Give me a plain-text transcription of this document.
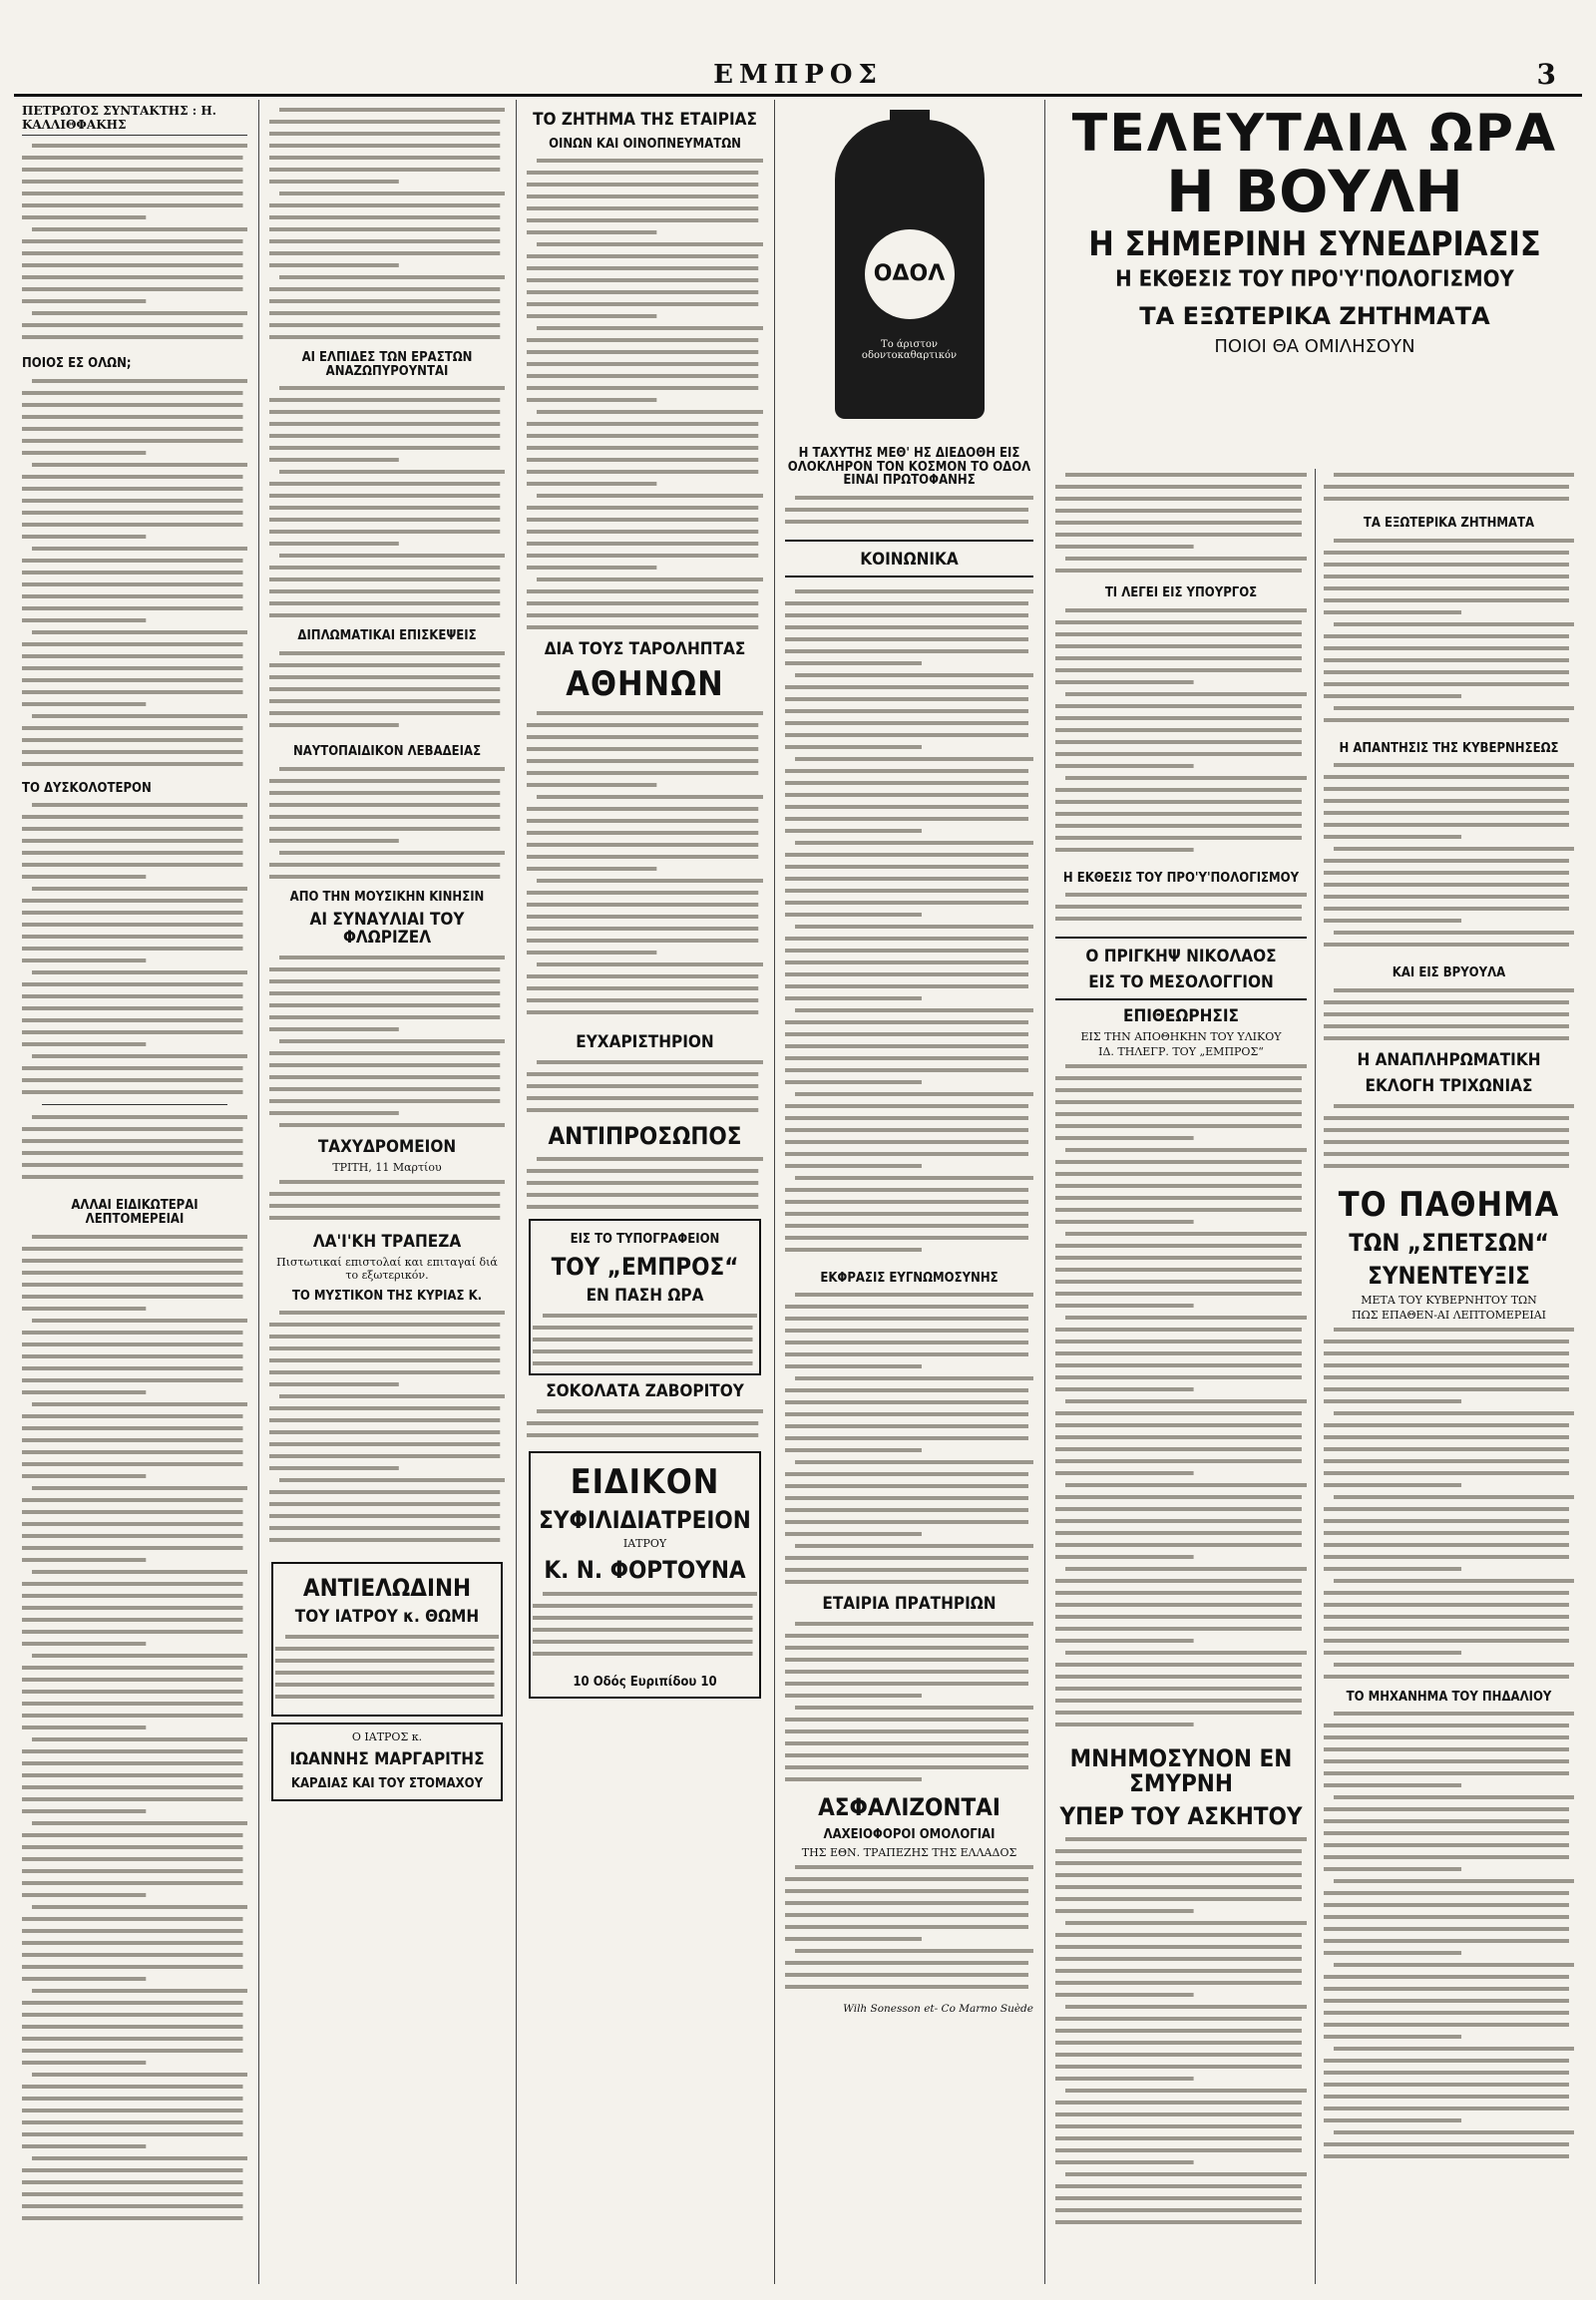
ΕΜΠΡΟΣ	3
ΠΕΤΡΩΤΟΣ ΣΥΝΤΑΚΤΗΣ : Η. ΚΑΛΛΙΘΦΑΚΗΣ
ΠΟΙΟΣ ΕΣ ΟΛΩΝ;
ΤΟ ΔΥΣΚΟΛΟΤΕΡΟΝ
ΑΛΛΑΙ ΕΙΔΙΚΩΤΕΡΑΙ ΛΕΠΤΟΜΕΡΕΙΑΙ
ΑΙ ΕΛΠΙΔΕΣ ΤΩΝ ΕΡΑΣΤΩΝ ΑΝΑΖΩΠΥΡΟΥΝΤΑΙ
ΔΙΠΛΩΜΑΤΙΚΑΙ ΕΠΙΣΚΕΨΕΙΣ
ΝΑΥΤΟΠΑΙΔΙΚΟΝ ΛΕΒΑΔΕΙΑΣ
ΑΠΟ ΤΗΝ ΜΟΥΣΙΚΗΝ ΚΙΝΗΣΙΝ
ΑΙ ΣΥΝΑΥΛΙΑΙ ΤΟΥ ΦΛΩΡΙΖΕΛ
ΤΑΧΥΔΡΟΜΕΙΟΝ
ΤΡΙΤΗ, 11 Μαρτίου
ΛΑ'Ι'ΚΗ ΤΡΑΠΕΖΑ
Πιστωτικαί επιστολαί και επιταγαί διά το εξωτερικόν.
ΤΟ ΜΥΣΤΙΚΟΝ ΤΗΣ ΚΥΡΙΑΣ Κ.
ΑΝΤΙΕΛΩΔΙΝΗ
ΤΟΥ ΙΑΤΡΟΥ κ. ΘΩΜΗ
Ο ΙΑΤΡΟΣ κ.
ΙΩΑΝΝΗΣ ΜΑΡΓΑΡΙΤΗΣ
ΚΑΡΔΙΑΣ ΚΑΙ ΤΟΥ ΣΤΟΜΑΧΟΥ
ΤΟ ΖΗΤΗΜΑ ΤΗΣ ΕΤΑΙΡΙΑΣ
ΟΙΝΩΝ ΚΑΙ ΟΙΝΟΠΝΕΥΜΑΤΩΝ
ΔΙΑ ΤΟΥΣ ΤΑΡΟΛΗΠΤΑΣ
ΑΘΗΝΩΝ
ΕΥΧΑΡΙΣΤΗΡΙΟΝ
ΑΝΤΙΠΡΟΣΩΠΟΣ
ΕΙΣ ΤΟ ΤΥΠΟΓΡΑΦΕΙΟΝ
ΤΟΥ „ΕΜΠΡΟΣ“
ΕΝ ΠΑΣΗ ΩΡΑ
ΣΟΚΟΛΑΤΑ ΖΑΒΟΡΙΤΟΥ
ΕΙΔΙΚΟΝ
ΣΥΦΙΛΙΔΙΑΤΡΕΙΟΝ
ΙΑΤΡΟΥ
Κ. Ν. ΦΟΡΤΟΥΝΑ
10 Οδός Ευριπίδου 10
ΟΔΟΛ
Το άριστον οδοντοκαθαρτικόν
Η ΤΑΧΥΤΗΣ ΜΕΘ' ΗΣ ΔΙΕΔΟΘΗ ΕΙΣ ΟΛΟΚΛΗΡΟΝ ΤΟΝ ΚΟΣΜΟΝ ΤΟ ΟΔΟΛ ΕΙΝΑΙ ΠΡΩΤΟΦΑΝΗΣ
ΚΟΙΝΩΝΙΚΑ
ΕΚΦΡΑΣΙΣ ΕΥΓΝΩΜΟΣΥΝΗΣ
ΕΤΑΙΡΙΑ ΠΡΑΤΗΡΙΩΝ
ΑΣΦΑΛΙΖΟΝΤΑΙ
ΛΑΧΕΙΟΦΟΡΟΙ ΟΜΟΛΟΓΙΑΙ
ΤΗΣ ΕΘΝ. ΤΡΑΠΕΖΗΣ ΤΗΣ ΕΛΛΑΔΟΣ
Wilh Sonesson et- Co Marmo Suède
ΤΕΛΕΥΤΑΙΑ ΩΡΑ
Η ΒΟΥΛΗ
Η ΣΗΜΕΡΙΝΗ ΣΥΝΕΔΡΙΑΣΙΣ
Η ΕΚΘΕΣΙΣ ΤΟΥ ΠΡΟ'Υ'ΠΟΛΟΓΙΣΜΟΥ
ΤΑ ΕΞΩΤΕΡΙΚΑ ΖΗΤΗΜΑΤΑ
ΠΟΙΟΙ ΘΑ ΟΜΙΛΗΣΟΥΝ
ΤΙ ΛΕΓΕΙ ΕΙΣ ΥΠΟΥΡΓΟΣ
Η ΕΚΘΕΣΙΣ ΤΟΥ ΠΡΟ'Υ'ΠΟΛΟΓΙΣΜΟΥ
Ο ΠΡΙΓΚΗΨ ΝΙΚΟΛΑΟΣ
ΕΙΣ ΤΟ ΜΕΣΟΛΟΓΓΙΟΝ
ΕΠΙΘΕΩΡΗΣΙΣ
ΕΙΣ ΤΗΝ ΑΠΟΘΗΚΗΝ ΤΟΥ ΥΛΙΚΟΥ
ΙΔ. ΤΗΛΕΓΡ. ΤΟΥ „ΕΜΠΡΟΣ“
ΜΝΗΜΟΣΥΝΟΝ ΕΝ ΣΜΥΡΝΗ
ΥΠΕΡ ΤΟΥ ΑΣΚΗΤΟΥ
ΤΑ ΕΞΩΤΕΡΙΚΑ ΖΗΤΗΜΑΤΑ
Η ΑΠΑΝΤΗΣΙΣ ΤΗΣ ΚΥΒΕΡΝΗΣΕΩΣ
ΚΑΙ ΕΙΣ ΒΡΥΟΥΛΑ
Η ΑΝΑΠΛΗΡΩΜΑΤΙΚΗ
ΕΚΛΟΓΗ ΤΡΙΧΩΝΙΑΣ
ΤΟ ΠΑΘΗΜΑ
ΤΩΝ „ΣΠΕΤΣΩΝ“
ΣΥΝΕΝΤΕΥΞΙΣ
ΜΕΤΑ ΤΟΥ ΚΥΒΕΡΝΗΤΟΥ ΤΩΝ
ΠΩΣ ΕΠΑΘΕΝ-ΑΙ ΛΕΠΤΟΜΕΡΕΙΑΙ
ΤΟ ΜΗΧΑΝΗΜΑ ΤΟΥ ΠΗΔΑΛΙΟΥ
